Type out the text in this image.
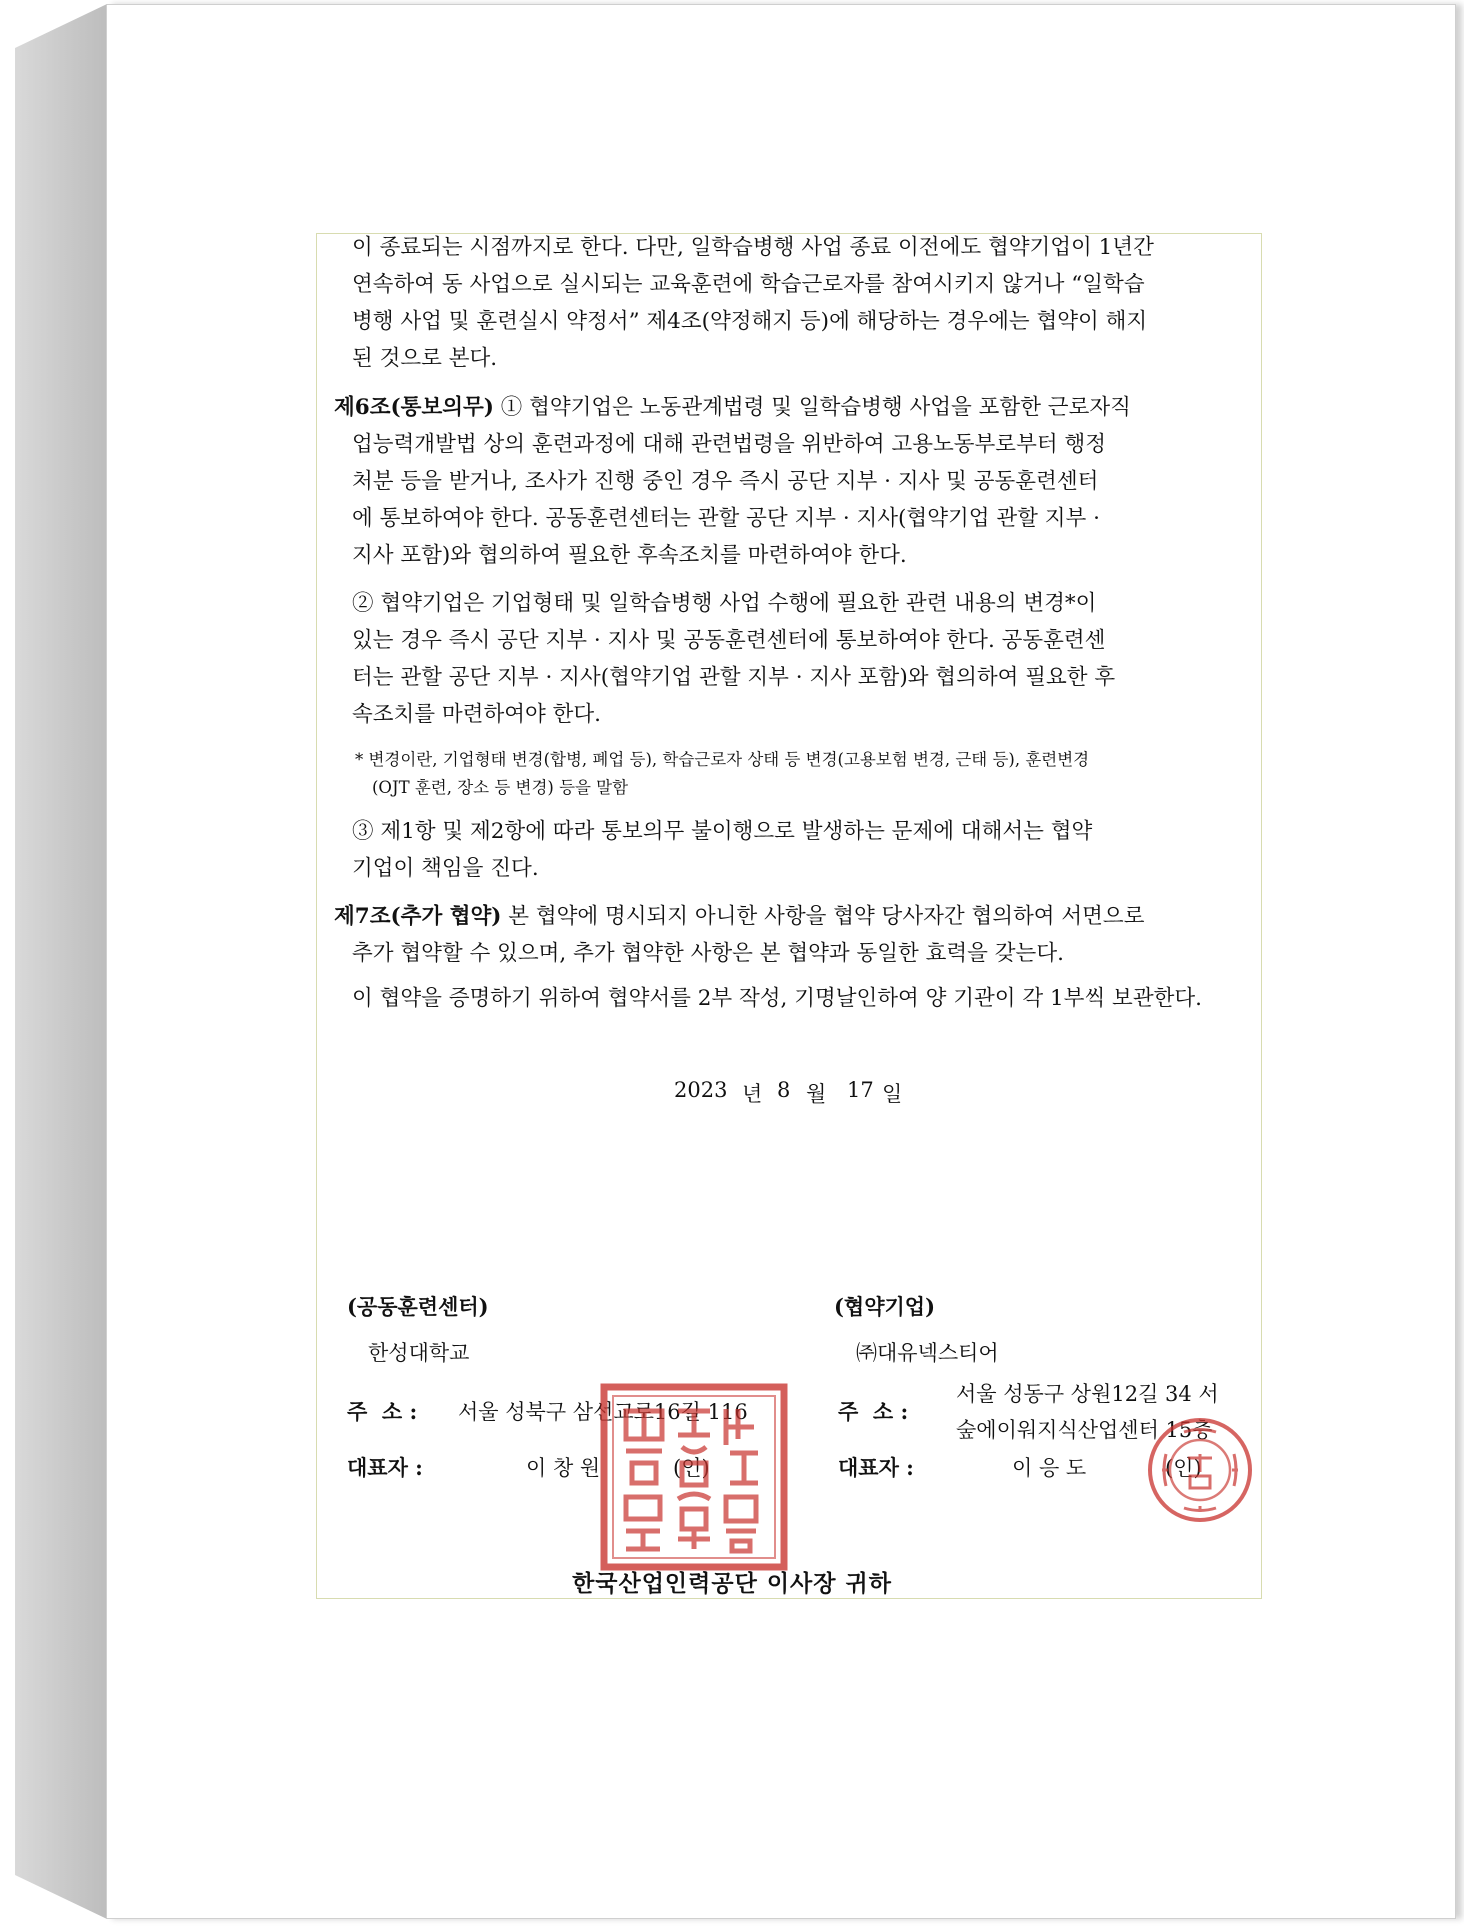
이 종료되는 시점까지로 한다. 다만, 일학습병행 사업 종료 이전에도 협약기업이 1년간
연속하여 동 사업으로 실시되는 교육훈련에 학습근로자를 참여시키지 않거나 “일학습
병행 사업 및 훈련실시 약정서” 제4조(약정해지 등)에 해당하는 경우에는 협약이 해지
된 것으로 본다.
제6조(통보의무) ① 협약기업은 노동관계법령 및 일학습병행 사업을 포함한 근로자직
업능력개발법 상의 훈련과정에 대해 관련법령을 위반하여 고용노동부로부터 행정
처분 등을 받거나, 조사가 진행 중인 경우 즉시 공단 지부 · 지사 및 공동훈련센터
에 통보하여야 한다. 공동훈련센터는 관할 공단 지부 · 지사(협약기업 관할 지부 ·
지사 포함)와 협의하여 필요한 후속조치를 마련하여야 한다.
② 협약기업은 기업형태 및 일학습병행 사업 수행에 필요한 관련 내용의 변경*이
있는 경우 즉시 공단 지부 · 지사 및 공동훈련센터에 통보하여야 한다. 공동훈련센
터는 관할 공단 지부 · 지사(협약기업 관할 지부 · 지사 포함)와 협의하여 필요한 후
속조치를 마련하여야 한다.
* 변경이란, 기업형태 변경(합병, 폐업 등), 학습근로자 상태 등 변경(고용보험 변경, 근태 등), 훈련변경
(OJT 훈련, 장소 등 변경) 등을 말함
③ 제1항 및 제2항에 따라 통보의무 불이행으로 발생하는 문제에 대해서는 협약
기업이 책임을 진다.
제7조(추가 협약) 본 협약에 명시되지 아니한 사항을 협약 당사자간 협의하여 서면으로
추가 협약할 수 있으며, 추가 협약한 사항은 본 협약과 동일한 효력을 갖는다.
이 협약을 증명하기 위하여 협약서를 2부 작성, 기명날인하여 양 기관이 각 1부씩 보관한다.
2023 년 8 월 17 일
(공동훈련센터)
한성대학교
주  소 : 서울 성북구 삼선교로16길 116
대표자 :	이 창 원	(인)
(협약기업)
㈜대유넥스티어
주  소 :
서울 성동구 상원12길 34 서
숲에이워지식산업센터 15층
대표자 :	이 응 도	(인)
한국산업인력공단 이사장 귀하
